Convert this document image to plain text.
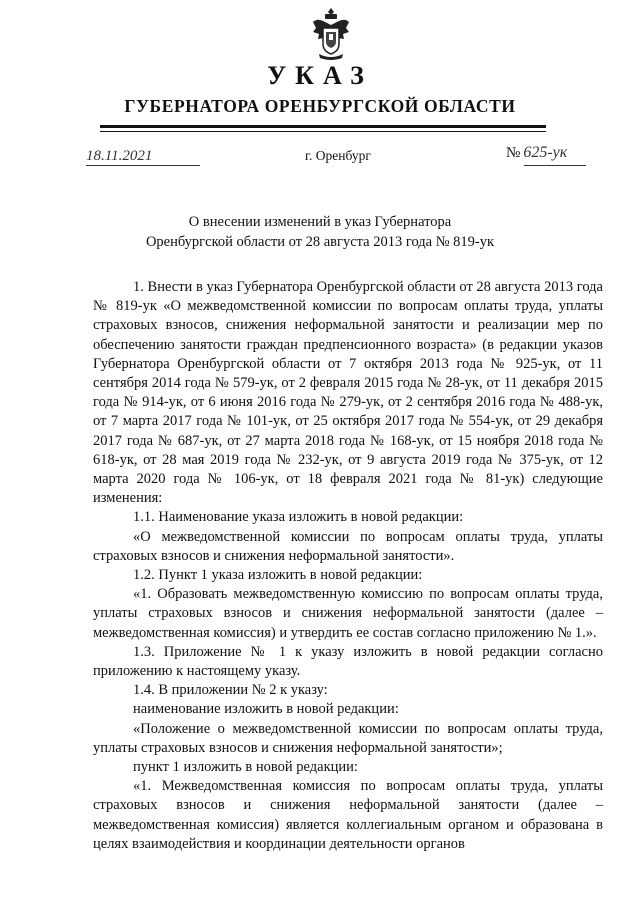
УКАЗ
ГУБЕРНАТОРА ОРЕНБУРГСКОЙ ОБЛАСТИ
18.11.2021	г. Оренбург	№ 625-ук
О внесении изменений в указ Губернатора
Оренбургской области от 28 августа 2013 года № 819-ук

1. Внести в указ Губернатора Оренбургской области от 28 августа 2013 года № 819-ук «О межведомственной комиссии по вопросам оплаты труда, уплаты страховых взносов, снижения неформальной занятости и реализации мер по обеспечению занятости граждан предпенсионного возраста» (в редакции указов Губернатора Оренбургской области от 7 октября 2013 года № 925-ук, от 11 сентября 2014 года № 579-ук, от 2 февраля 2015 года № 28-ук, от 11 декабря 2015 года № 914-ук, от 6 июня 2016 года № 279-ук, от 2 сентября 2016 года № 488-ук, от 7 марта 2017 года № 101-ук, от 25 октября 2017 года № 554-ук, от 29 декабря 2017 года № 687-ук, от 27 марта 2018 года № 168-ук, от 15 ноября 2018 года № 618-ук, от 28 мая 2019 года № 232-ук, от 9 августа 2019 года № 375-ук, от 12 марта 2020 года № 106-ук, от 18 февраля 2021 года № 81-ук) следующие изменения:

1.1. Наименование указа изложить в новой редакции:

«О межведомственной комиссии по вопросам оплаты труда, уплаты страховых взносов и снижения неформальной занятости».

1.2. Пункт 1 указа изложить в новой редакции:

«1. Образовать межведомственную комиссию по вопросам оплаты труда, уплаты страховых взносов и снижения неформальной занятости (далее – межведомственная комиссия) и утвердить ее состав согласно приложению № 1.».

1.3. Приложение № 1 к указу изложить в новой редакции согласно приложению к настоящему указу.

1.4. В приложении № 2 к указу:

наименование изложить в новой редакции:

«Положение о межведомственной комиссии по вопросам оплаты труда, уплаты страховых взносов и снижения неформальной занятости»;

пункт 1 изложить в новой редакции:

«1. Межведомственная комиссия по вопросам оплаты труда, уплаты страховых взносов и снижения неформальной занятости (далее – межведомственная комиссия) является коллегиальным органом и образована в целях взаимодействия и координации деятельности органов
